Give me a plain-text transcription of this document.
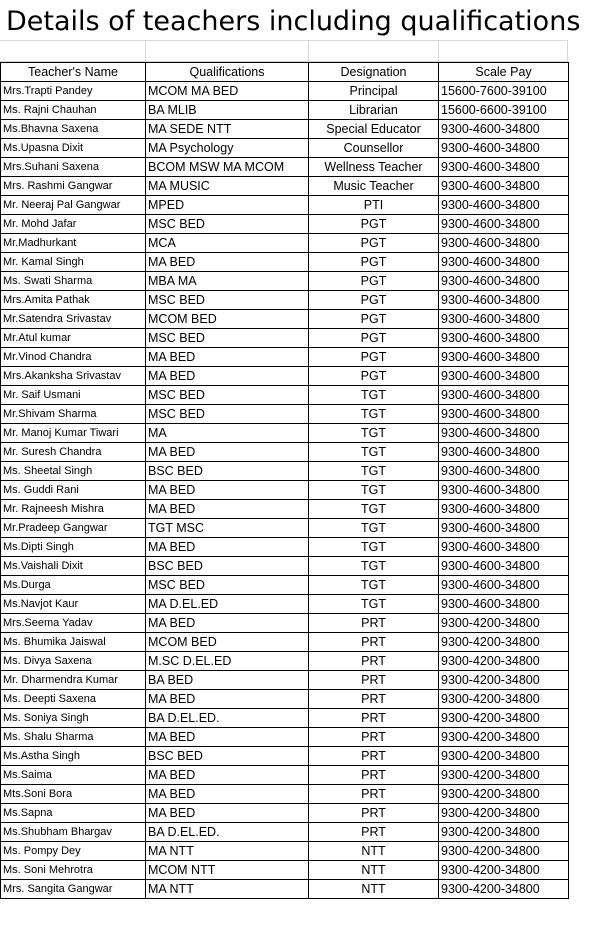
Details of teachers including qualifications
Teacher's Name	Qualifications	Designation	Scale Pay
Mrs.Trapti Pandey	MCOM MA BED	Principal	15600-7600-39100
Ms. Rajni Chauhan	BA MLIB	Librarian	15600-6600-39100
Ms.Bhavna Saxena	MA SEDE NTT	Special Educator	9300-4600-34800
Ms.Upasna Dixit	MA Psychology	Counsellor	9300-4600-34800
Mrs.Suhani Saxena	BCOM MSW MA MCOM	Wellness Teacher	9300-4600-34800
Mrs. Rashmi Gangwar	MA MUSIC	Music Teacher	9300-4600-34800
Mr. Neeraj Pal Gangwar	MPED	PTI	9300-4600-34800
Mr. Mohd Jafar	MSC BED	PGT	9300-4600-34800
Mr.Madhurkant	MCA	PGT	9300-4600-34800
Mr. Kamal Singh	MA BED	PGT	9300-4600-34800
Ms. Swati Sharma	MBA MA	PGT	9300-4600-34800
Mrs.Amita Pathak	MSC BED	PGT	9300-4600-34800
Mr.Satendra Srivastav	MCOM BED	PGT	9300-4600-34800
Mr.Atul kumar	MSC BED	PGT	9300-4600-34800
Mr.Vinod Chandra	MA BED	PGT	9300-4600-34800
Mrs.Akanksha Srivastav	MA BED	PGT	9300-4600-34800
Mr. Saif Usmani	MSC BED	TGT	9300-4600-34800
Mr.Shivam Sharma	MSC BED	TGT	9300-4600-34800
Mr. Manoj Kumar Tiwari	MA	TGT	9300-4600-34800
Mr. Suresh Chandra	MA BED	TGT	9300-4600-34800
Ms. Sheetal Singh	BSC BED	TGT	9300-4600-34800
Ms. Guddi Rani	MA BED	TGT	9300-4600-34800
Mr. Rajneesh Mishra	MA BED	TGT	9300-4600-34800
Mr.Pradeep Gangwar	TGT MSC	TGT	9300-4600-34800
Ms.Dipti Singh	MA BED	TGT	9300-4600-34800
Ms.Vaishali Dixit	BSC BED	TGT	9300-4600-34800
Ms.Durga	MSC BED	TGT	9300-4600-34800
Ms.Navjot Kaur	MA D.EL.ED	TGT	9300-4600-34800
Mrs.Seema Yadav	MA BED	PRT	9300-4200-34800
Ms. Bhumika Jaiswal	MCOM BED	PRT	9300-4200-34800
Ms. Divya Saxena	M.SC D.EL.ED	PRT	9300-4200-34800
Mr. Dharmendra Kumar	BA BED	PRT	9300-4200-34800
Ms. Deepti Saxena	MA BED	PRT	9300-4200-34800
Ms. Soniya Singh	BA D.EL.ED.	PRT	9300-4200-34800
Ms. Shalu Sharma	MA BED	PRT	9300-4200-34800
Ms.Astha Singh	BSC BED	PRT	9300-4200-34800
Ms.Saima	MA BED	PRT	9300-4200-34800
Mts.Soni Bora	MA BED	PRT	9300-4200-34800
Ms.Sapna	MA BED	PRT	9300-4200-34800
Ms.Shubham Bhargav	BA D.EL.ED.	PRT	9300-4200-34800
Ms. Pompy Dey	MA NTT	NTT	9300-4200-34800
Ms. Soni Mehrotra	MCOM NTT	NTT	9300-4200-34800
Mrs. Sangita Gangwar	MA NTT	NTT	9300-4200-34800
